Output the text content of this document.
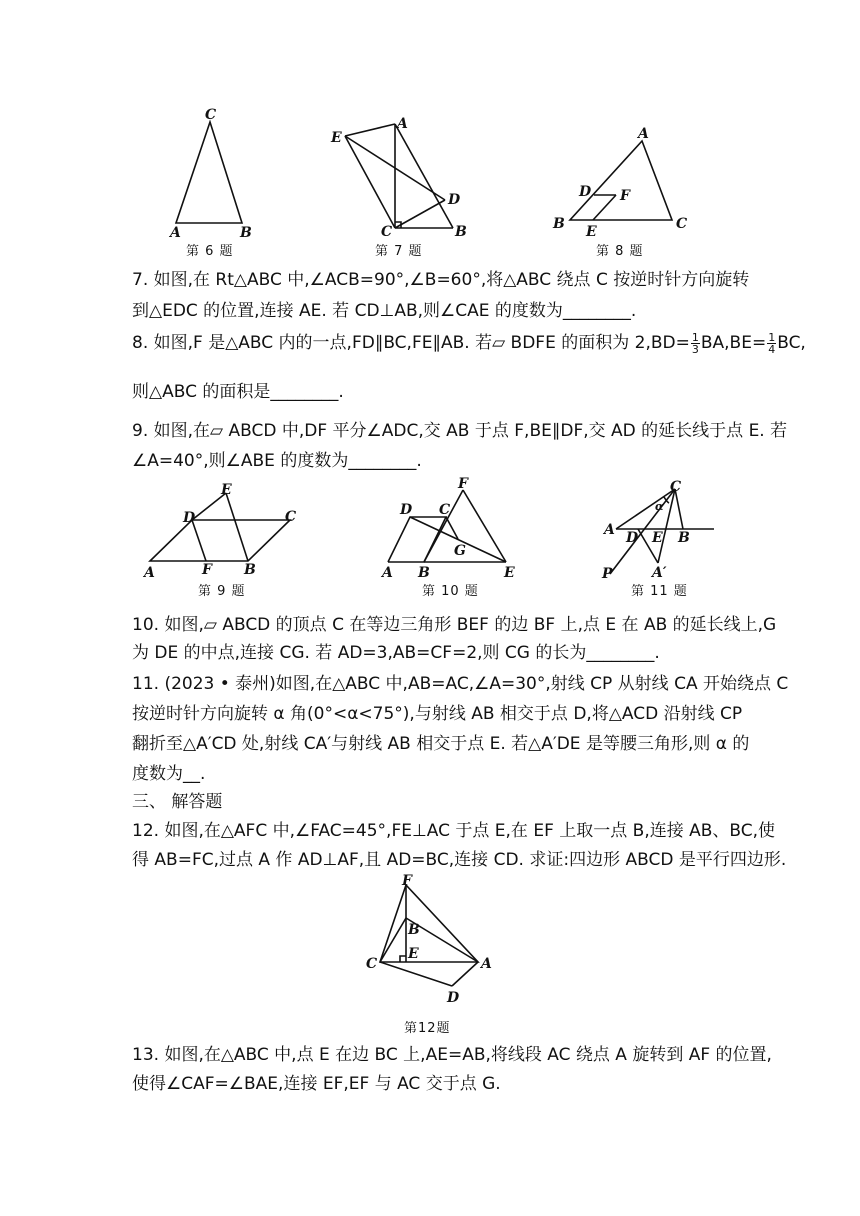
C
A	B
第 6 题
E
A
D
C	B
第 7 题
A
D F
B E	C
第 8 题
7. 如图,在 Rt△ABC 中,∠ACB=90°,∠B=60°,将△ABC 绕点 C 按逆时针方向旋转
到△EDC 的位置,连接 AE. 若 CD⊥AB,则∠CAE 的度数为________.
8. 如图,F 是△ABC 内的一点,FD∥BC,FE∥AB. 若▱ BDFE 的面积为 $2,BD= \frac{1}{3} BA,BE= \frac{1}{4}$ BC,
则△ABC 的面积是________.
9. 如图,在▱ ABCD 中,DF 平分∠ADC,交 AB 于点 F,BE∥DF,交 AD 的延长线于点 E. 若
∠A=40°,则∠ABE 的度数为________.
E
D	C
A	F B
第 9 题
F
D C
G
A B	E
第 10 题
C
α
A D E B
P	A′
第 11 题
10. 如图,▱ ABCD 的顶点 C 在等边三角形 BEF 的边 BF 上,点 E 在 AB 的延长线上,G
为 DE 的中点,连接 CG. 若 AD=3,AB=CF=2,则 CG 的长为________.
11. (2023 • 泰州)如图,在△ABC 中,AB=AC,∠A=30°,射线 CP 从射线 CA 开始绕点 C
按逆时针方向旋转 α 角(0°<α<75°),与射线 AB 相交于点 D,将△ACD 沿射线 CP
翻折至△A′CD 处,射线 CA′与射线 AB 相交于点 E. 若△A′DE 是等腰三角形,则 α 的
度数为__.
三、 解答题
12. 如图,在△AFC 中,∠FAC=45°,FE⊥AC 于点 E,在 EF 上取一点 B,连接 AB、BC,使
得 AB=FC,过点 A 作 AD⊥AF,且 AD=BC,连接 CD. 求证:四边形 ABCD 是平行四边形.
F
B
E
C	A
D
第12题
13. 如图,在△ABC 中,点 E 在边 BC 上,AE=AB,将线段 AC 绕点 A 旋转到 AF 的位置,
使得∠CAF=∠BAE,连接 EF,EF 与 AC 交于点 G.
